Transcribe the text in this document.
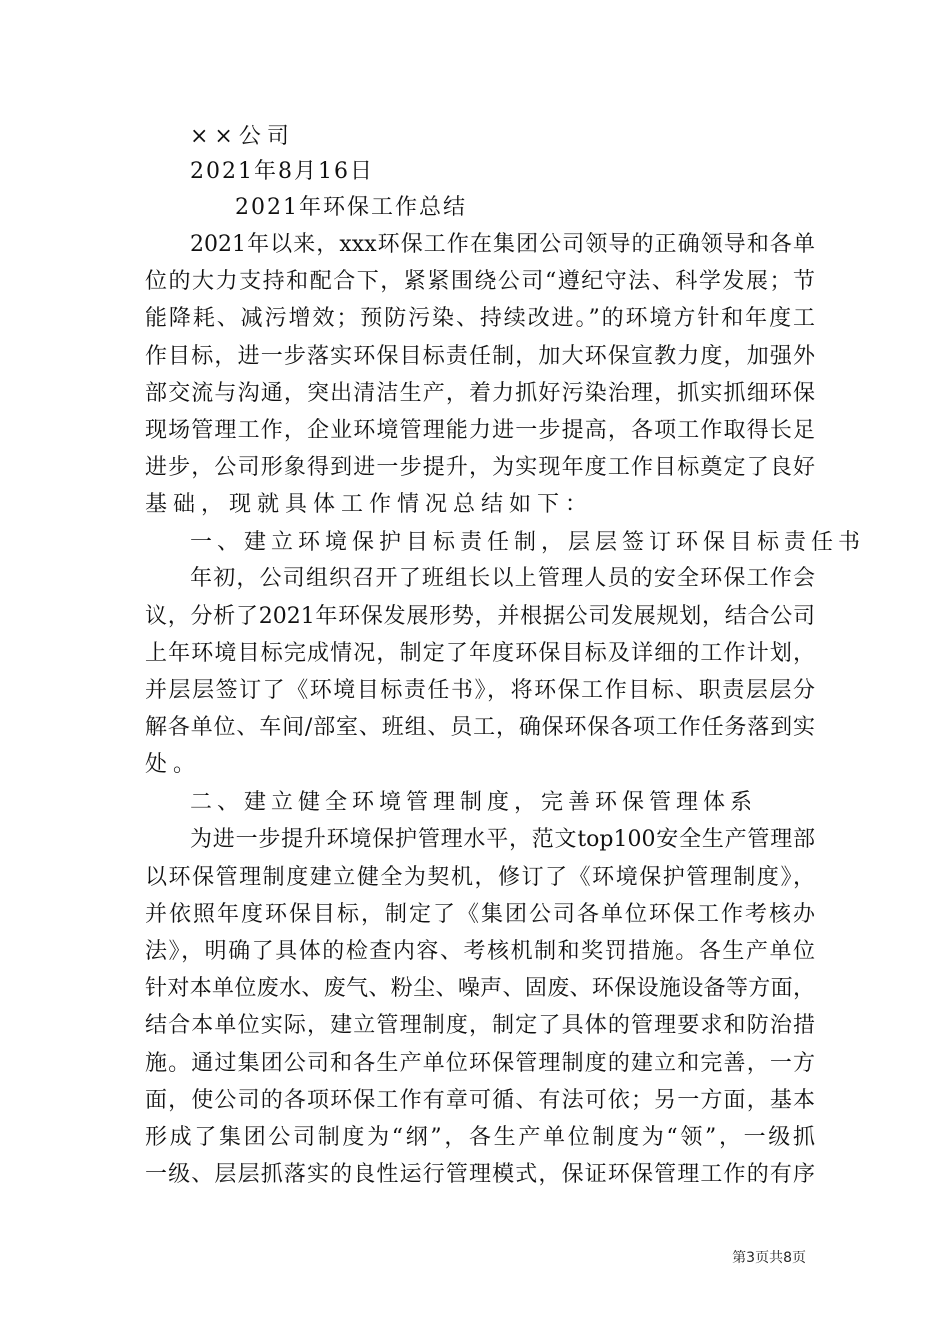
××公司
2021年8月16日
2021年环保工作总结
2021年以来，xxx环保工作在集团公司领导的正确领导和各单
位的大力支持和配合下，紧紧围绕公司“遵纪守法、科学发展；节
能降耗、减污增效；预防污染、持续改进。”的环境方针和年度工
作目标，进一步落实环保目标责任制，加大环保宣教力度，加强外
部交流与沟通，突出清洁生产，着力抓好污染治理，抓实抓细环保
现场管理工作，企业环境管理能力进一步提高，各项工作取得长足
进步，公司形象得到进一步提升，为实现年度工作目标奠定了良好
基础，现就具体工作情况总结如下：
一、建立环境保护目标责任制，层层签订环保目标责任书
年初，公司组织召开了班组长以上管理人员的安全环保工作会
议，分析了2021年环保发展形势，并根据公司发展规划，结合公司
上年环境目标完成情况，制定了年度环保目标及详细的工作计划，
并层层签订了《环境目标责任书》，将环保工作目标、职责层层分
解各单位、车间/部室、班组、员工，确保环保各项工作任务落到实
处。
二、建立健全环境管理制度，完善环保管理体系
为进一步提升环境保护管理水平，范文top100安全生产管理部
以环保管理制度建立健全为契机，修订了《环境保护管理制度》，
并依照年度环保目标，制定了《集团公司各单位环保工作考核办
法》，明确了具体的检查内容、考核机制和奖罚措施。各生产单位
针对本单位废水、废气、粉尘、噪声、固废、环保设施设备等方面，
结合本单位实际，建立管理制度，制定了具体的管理要求和防治措
施。通过集团公司和各生产单位环保管理制度的建立和完善，一方
面，使公司的各项环保工作有章可循、有法可依；另一方面，基本
形成了集团公司制度为“纲”，各生产单位制度为“领”，一级抓
一级、层层抓落实的良性运行管理模式，保证环保管理工作的有序
第3页共8页
